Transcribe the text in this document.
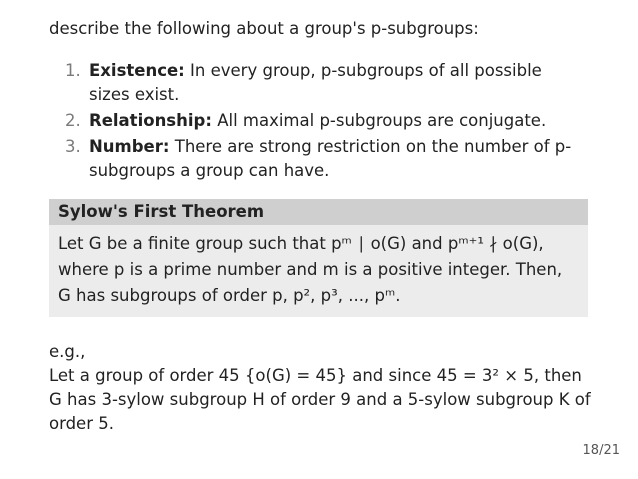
describe the following about a group's p-subgroups:
1. Existence: In every group, p-subgroups of all possible sizes exist.
2. Relationship: All maximal p-subgroups are conjugate.
3. Number: There are strong restriction on the number of p-subgroups a group can have.
Sylow's First Theorem
Let G be a finite group such that pᵐ ∣ o(G) and pᵐ⁺¹ ∤ o(G), where p is a prime number and m is a positive integer. Then, G has subgroups of order p, p², p³, ..., pᵐ.

e.g.,

Let a group of order 45 {o(G) = 45} and since 45 = 3² × 5, then G has 3-sylow subgroup H of order 9 and a 5-sylow subgroup K of order 5.

18/21
